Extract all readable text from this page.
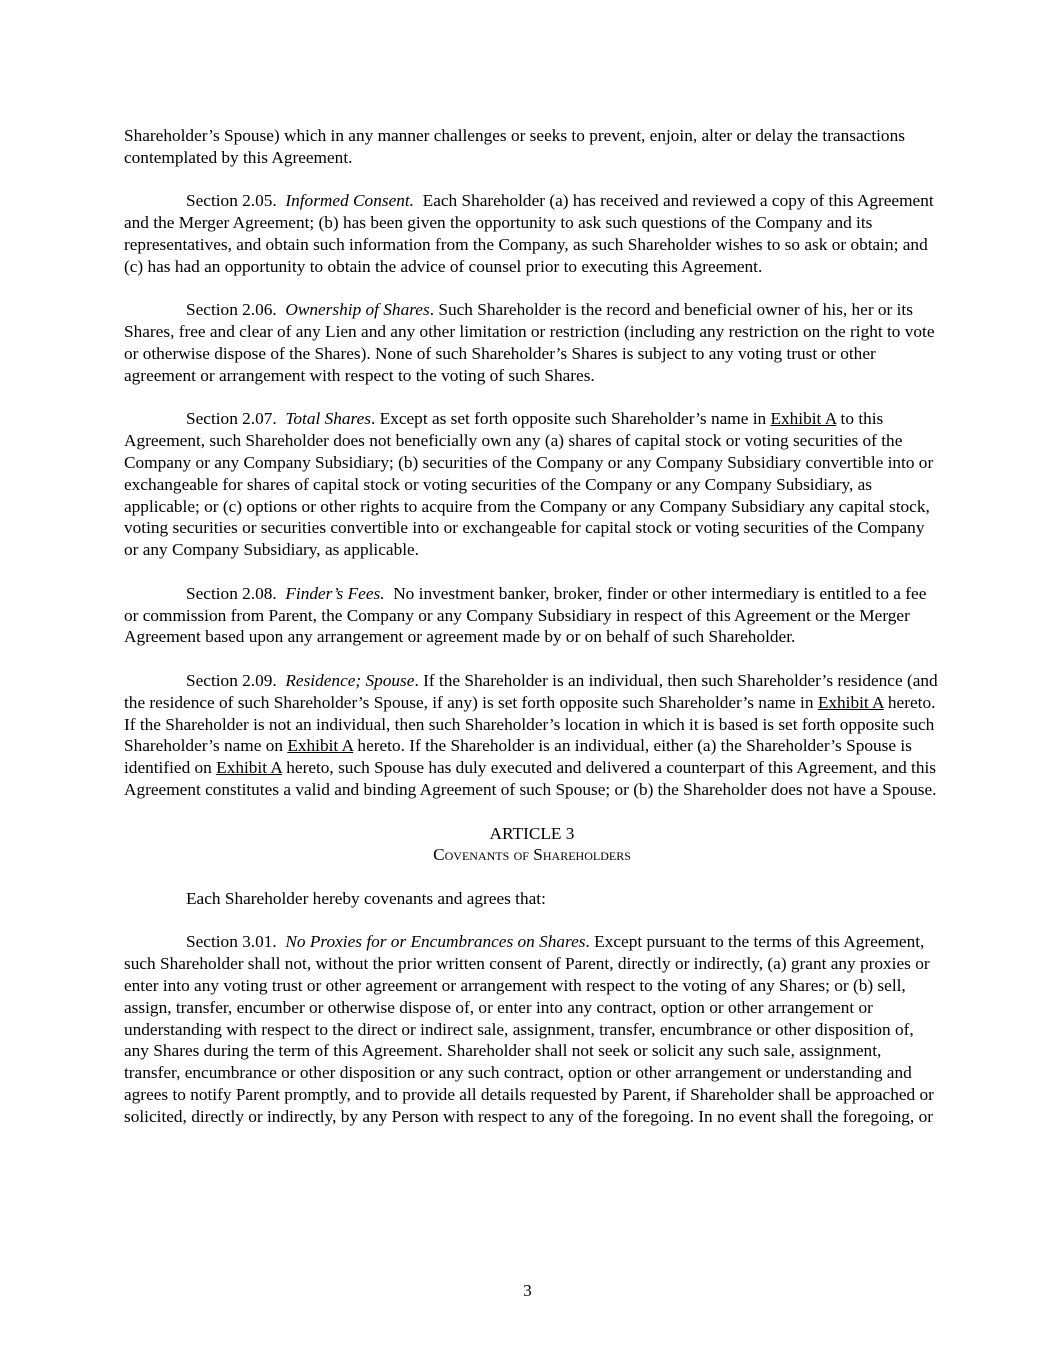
Shareholder’s Spouse) which in any manner challenges or seeks to prevent, enjoin, alter or delay the transactions contemplated by this Agreement.

Section 2.05. Informed Consent. Each Shareholder (a) has received and reviewed a copy of this Agreement and the Merger Agreement; (b) has been given the opportunity to ask such questions of the Company and its representatives, and obtain such information from the Company, as such Shareholder wishes to so ask or obtain; and (c) has had an opportunity to obtain the advice of counsel prior to executing this Agreement.

Section 2.06. Ownership of Shares. Such Shareholder is the record and beneficial owner of his, her or its Shares, free and clear of any Lien and any other limitation or restriction (including any restriction on the right to vote or otherwise dispose of the Shares). None of such Shareholder’s Shares is subject to any voting trust or other agreement or arrangement with respect to the voting of such Shares.

Section 2.07. Total Shares. Except as set forth opposite such Shareholder’s name in Exhibit A to this Agreement, such Shareholder does not beneficially own any (a) shares of capital stock or voting securities of the Company or any Company Subsidiary; (b) securities of the Company or any Company Subsidiary convertible into or exchangeable for shares of capital stock or voting securities of the Company or any Company Subsidiary, as applicable; or (c) options or other rights to acquire from the Company or any Company Subsidiary any capital stock, voting securities or securities convertible into or exchangeable for capital stock or voting securities of the Company or any Company Subsidiary, as applicable.

Section 2.08. Finder’s Fees. No investment banker, broker, finder or other intermediary is entitled to a fee or commission from Parent, the Company or any Company Subsidiary in respect of this Agreement or the Merger Agreement based upon any arrangement or agreement made by or on behalf of such Shareholder.

Section 2.09. Residence; Spouse. If the Shareholder is an individual, then such Shareholder’s residence (and the residence of such Shareholder’s Spouse, if any) is set forth opposite such Shareholder’s name in Exhibit A hereto. If the Shareholder is not an individual, then such Shareholder’s location in which it is based is set forth opposite such Shareholder’s name on Exhibit A hereto. If the Shareholder is an individual, either (a) the Shareholder’s Spouse is identified on Exhibit A hereto, such Spouse has duly executed and delivered a counterpart of this Agreement, and this Agreement constitutes a valid and binding Agreement of such Spouse; or (b) the Shareholder does not have a Spouse.

ARTICLE 3
Covenants of Shareholders

Each Shareholder hereby covenants and agrees that:

Section 3.01. No Proxies for or Encumbrances on Shares. Except pursuant to the terms of this Agreement, such Shareholder shall not, without the prior written consent of Parent, directly or indirectly, (a) grant any proxies or enter into any voting trust or other agreement or arrangement with respect to the voting of any Shares; or (b) sell, assign, transfer, encumber or otherwise dispose of, or enter into any contract, option or other arrangement or understanding with respect to the direct or indirect sale, assignment, transfer, encumbrance or other disposition of, any Shares during the term of this Agreement. Shareholder shall not seek or solicit any such sale, assignment, transfer, encumbrance or other disposition or any such contract, option or other arrangement or understanding and agrees to notify Parent promptly, and to provide all details requested by Parent, if Shareholder shall be approached or solicited, directly or indirectly, by any Person with respect to any of the foregoing. In no event shall the foregoing, or

3
